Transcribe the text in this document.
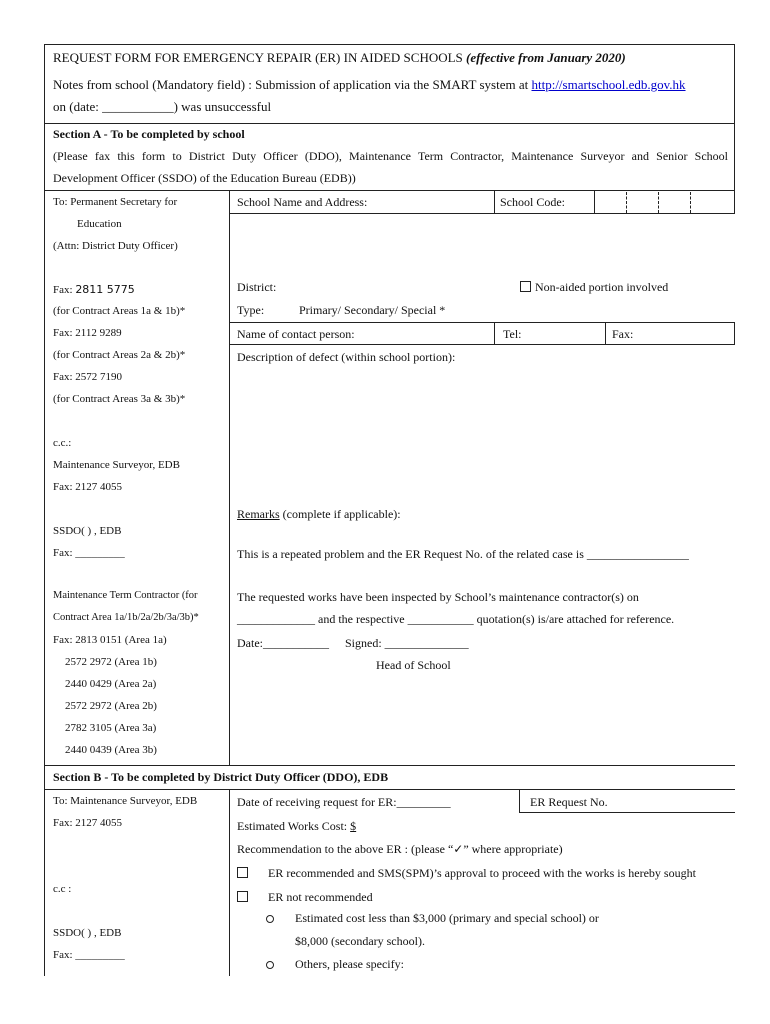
REQUEST FORM FOR EMERGENCY REPAIR (ER) IN AIDED SCHOOLS (effective from January 2020)
Notes from school (Mandatory field) : Submission of application via the SMART system at http://smartschool.edb.gov.hk
on (date: ___________) was unsuccessful
Section A - To be completed by school
(Please fax this form to District Duty Officer (DDO), Maintenance Term Contractor, Maintenance Surveyor and Senior School
Development Officer (SSDO) of the Education Bureau (EDB))
To: Permanent Secretary for
Education
(Attn: District Duty Officer)
Fax: 2811 5775
(for Contract Areas 1a & 1b)*
Fax: 2112 9289
(for Contract Areas 2a & 2b)*
Fax: 2572 7190
(for Contract Areas 3a & 3b)*
c.c.:
Maintenance Surveyor, EDB
Fax: 2127 4055
SSDO( ) , EDB
Fax: _________
Maintenance Term Contractor (for
Contract Area 1a/1b/2a/2b/3a/3b)*
Fax: 2813 0151 (Area 1a)
2572 2972 (Area 1b)
2440 0429 (Area 2a)
2572 2972 (Area 2b)
2782 3105 (Area 3a)
2440 0439 (Area 3b)
School Name and Address:	School Code:
District:	Non-aided portion involved
Type:	Primary/ Secondary/ Special *
Name of contact person:	Tel:	Fax:
Description of defect (within school portion):
Remarks (complete if applicable):
This is a repeated problem and the ER Request No. of the related case is _________________
The requested works have been inspected by School’s maintenance contractor(s) on
_____________ and the respective ___________ quotation(s) is/are attached for reference.
Date:___________ Signed: ______________
Head of School
Section B - To be completed by District Duty Officer (DDO), EDB
To: Maintenance Surveyor, EDB
Fax: 2127 4055
c.c :
SSDO( ) , EDB
Fax: _________
Date of receiving request for ER:_________	ER Request No.
Estimated Works Cost: $
Recommendation to the above ER : (please “✓” where appropriate)
ER recommended and SMS(SPM)’s approval to proceed with the works is hereby sought
ER not recommended
Estimated cost less than $3,000 (primary and special school) or
$8,000 (secondary school).
Others, please specify:
